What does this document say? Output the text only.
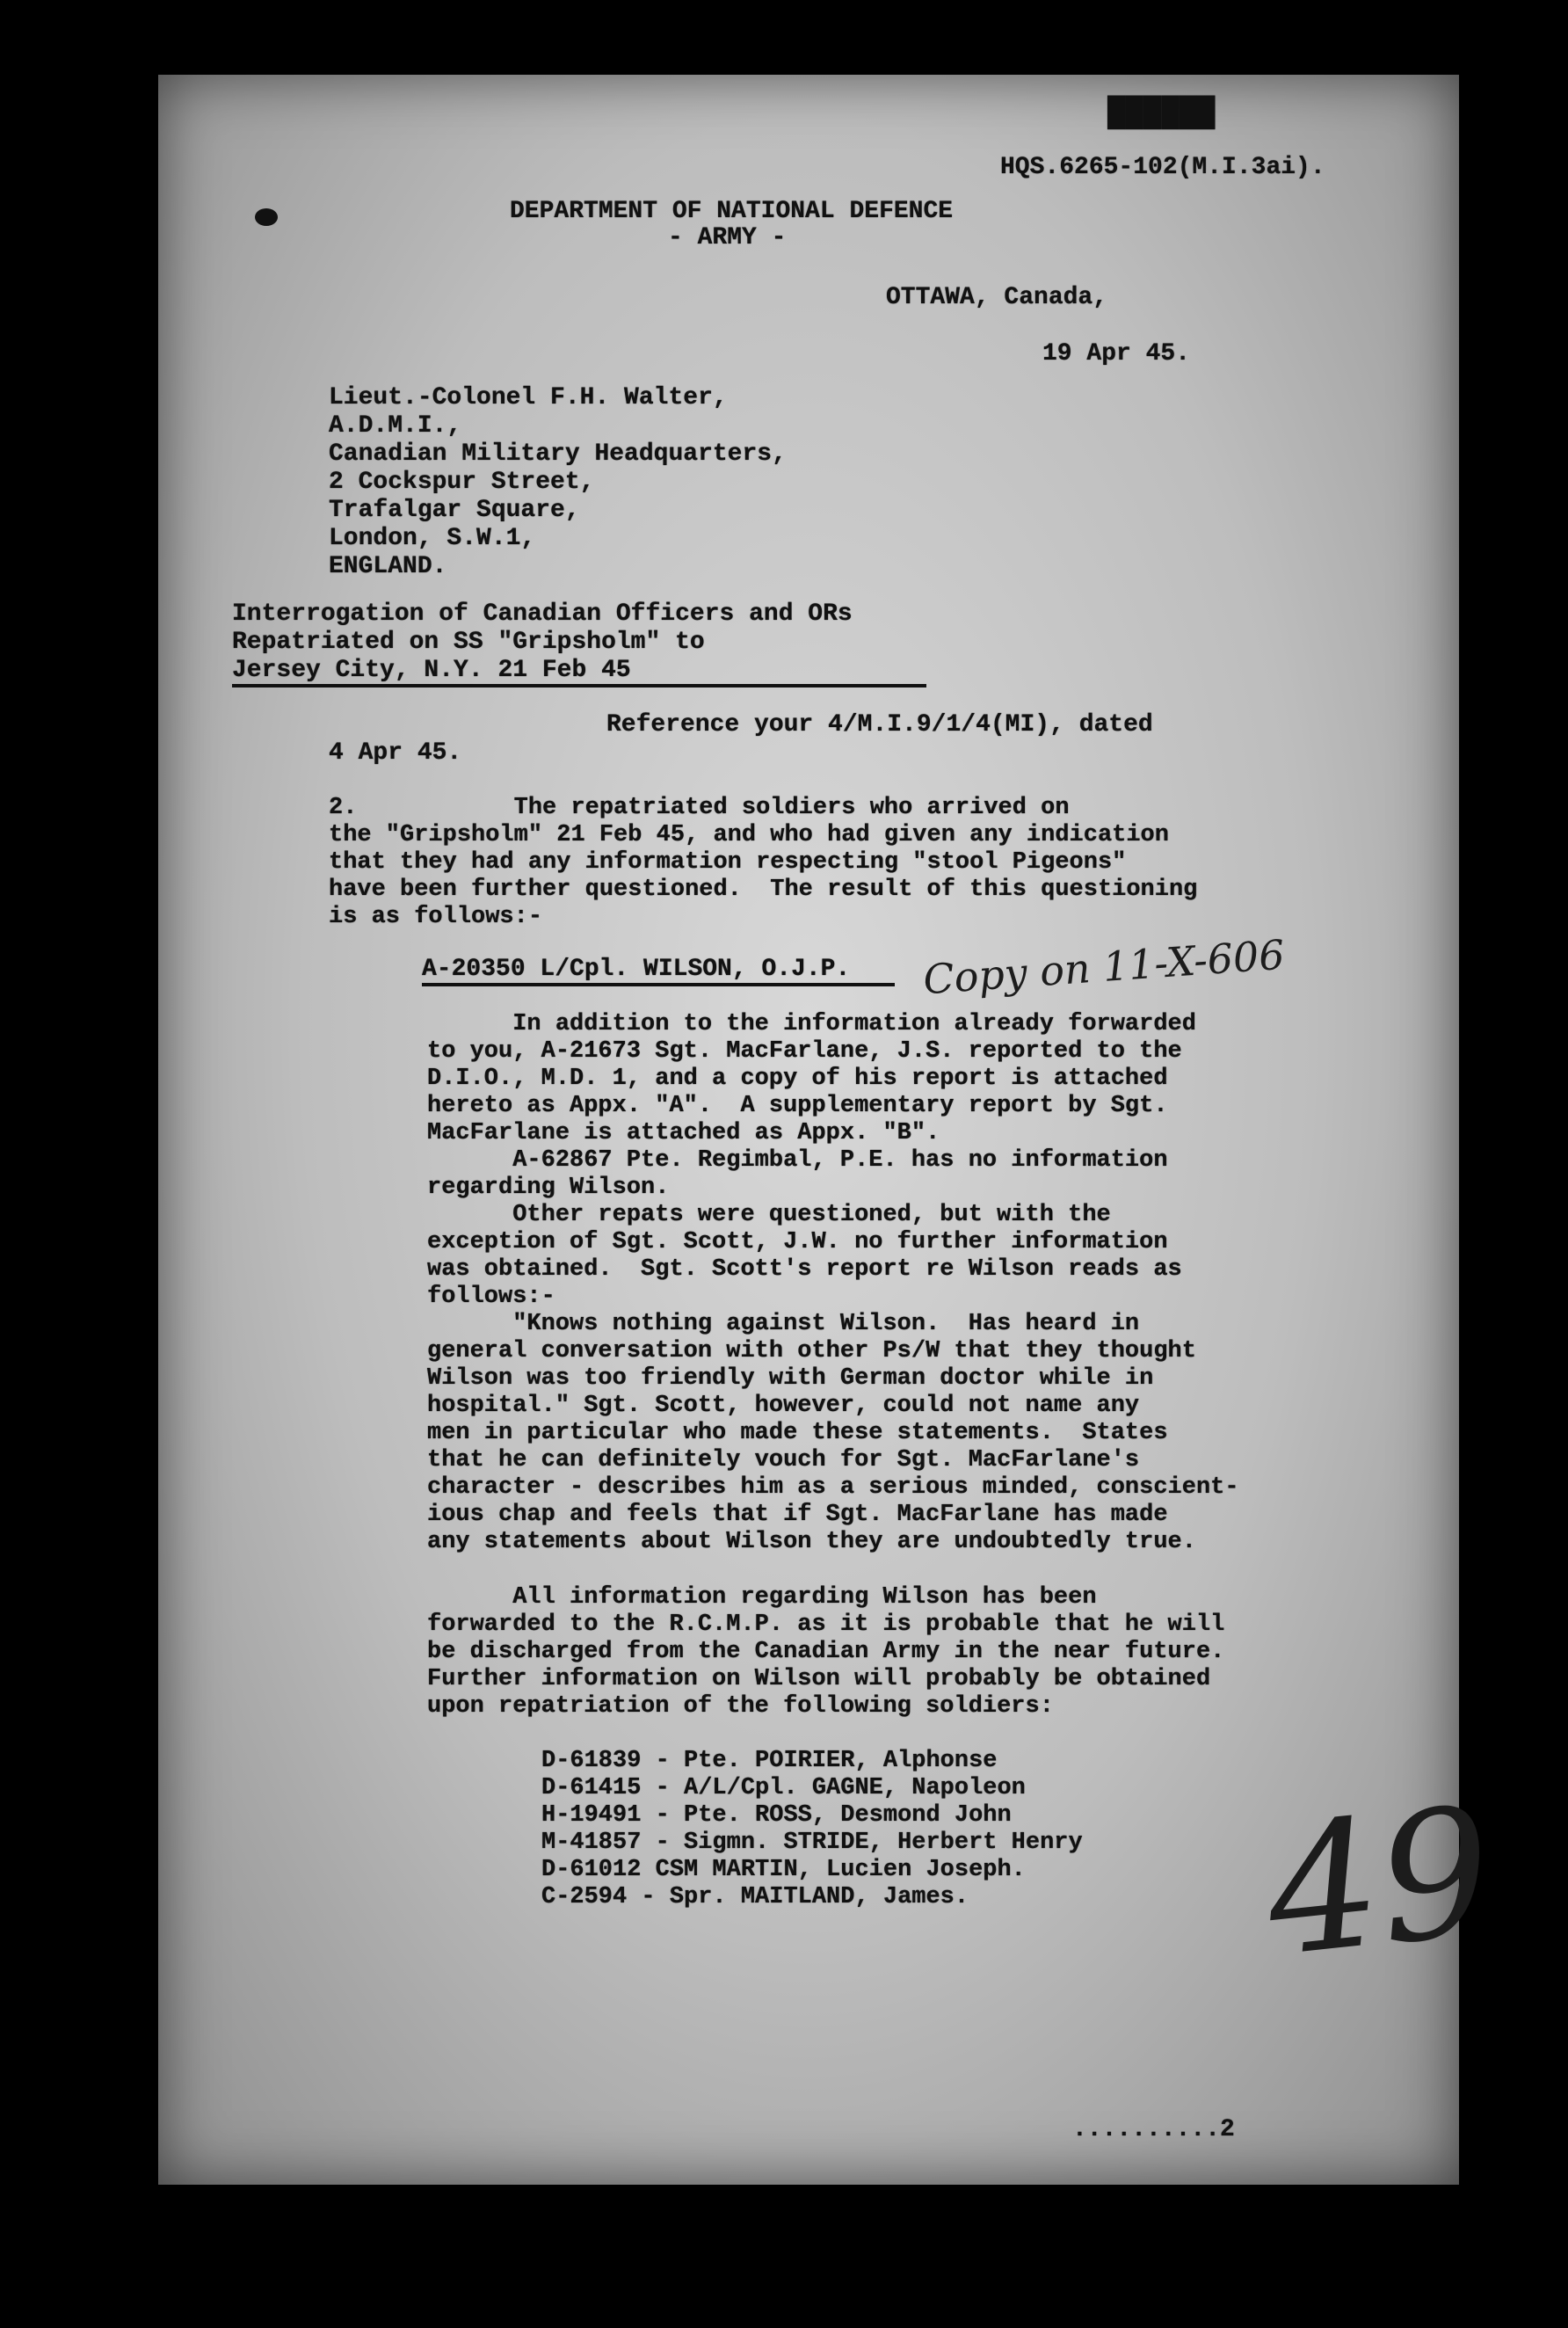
██████
HQS.6265-102(M.I.3ai).
DEPARTMENT OF NATIONAL DEFENCE
- ARMY -
OTTAWA, Canada,
19 Apr 45.
Lieut.-Colonel F.H. Walter,
A.D.M.I.,
Canadian Military Headquarters,
2 Cockspur Street,
Trafalgar Square,
London, S.W.1,
ENGLAND.
Interrogation of Canadian Officers and ORs
Repatriated on SS "Gripsholm" to
Jersey City, N.Y. 21 Feb 45
Reference your 4/M.I.9/1/4(MI), dated
4 Apr 45.
2.           The repatriated soldiers who arrived on
the "Gripsholm" 21 Feb 45, and who had given any indication
that they had any information respecting "stool Pigeons"
have been further questioned.  The result of this questioning
is as follows:-
A-20350 L/Cpl. WILSON, O.J.P. Copy on 11-X-606
In addition to the information already forwarded
to you, A-21673 Sgt. MacFarlane, J.S. reported to the
D.I.O., M.D. 1, and a copy of his report is attached
hereto as Appx. "A".  A supplementary report by Sgt.
MacFarlane is attached as Appx. "B".
A-62867 Pte. Regimbal, P.E. has no information
regarding Wilson.
Other repats were questioned, but with the
exception of Sgt. Scott, J.W. no further information
was obtained.  Sgt. Scott's report re Wilson reads as
follows:-
"Knows nothing against Wilson.  Has heard in
general conversation with other Ps/W that they thought
Wilson was too friendly with German doctor while in
hospital." Sgt. Scott, however, could not name any
men in particular who made these statements.  States
that he can definitely vouch for Sgt. MacFarlane's
character - describes him as a serious minded, conscient-
ious chap and feels that if Sgt. MacFarlane has made
any statements about Wilson they are undoubtedly true.
All information regarding Wilson has been
forwarded to the R.C.M.P. as it is probable that he will
be discharged from the Canadian Army in the near future.
Further information on Wilson will probably be obtained
upon repatriation of the following soldiers:
D-61839 - Pte. POIRIER, Alphonse
D-61415 - A/L/Cpl. GAGNE, Napoleon
H-19491 - Pte. ROSS, Desmond John
M-41857 - Sigmn. STRIDE, Herbert Henry
D-61012 CSM MARTIN, Lucien Joseph.
C-2594 - Spr. MAITLAND, James. 49
..........2
